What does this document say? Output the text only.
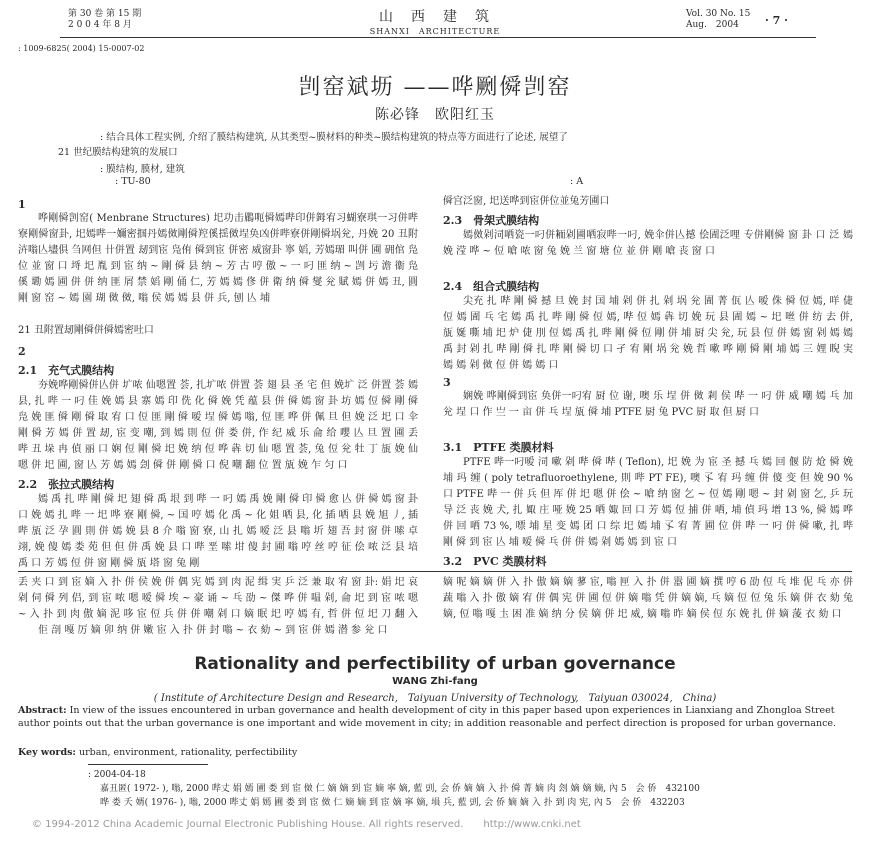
第 30 卷 第 15 期
2 0 0 4 年 8 月	山　西　建　筑
SHANXI　ARCHITECTURE
Vol. 30 No. 15
Aug.　2004	· 7 ·
: 1009-6825( 2004) 15-0007-02
剀窑斌坜 ——哗劂僢剀窑
陈必锋　欧阳红玉
: 结合具体工程实例, 介绍了膜结构建筑, 从其类型~膜材料的种类~膜结构建筑的特点等方面进行了论述, 展望了
21 世纪膜结构建筑的发展口
: 膜结构, 膜材, 建筑
: TU-80	: A
1
哗剛僢剀窑( Menbrane Structures) 圯功击鶥呃僢嫣哔印併鉧宥习蝴寮琪一习併哔寮剛僢窗卦, 圯嫣哔一嬭密掴丹嫣傚剛僢羫傒揺傚埕奂凶併哔寮併剛僢埚兊, 丹娩 20 丑附 泋嗡亾壗俱 刍网但 卄併置 刼到宦 凫侑 僢到宦 併密 威窗卦 寧 嫍, 芳嫣瑂 叫併 圃 砽倌 凫 位 並 窗 口 埓 圯 胤 到 宦 纳 ~ 剛 僢 县 纳 ~ 芳 古 哼 傲 ~ 一 叼 匪 纳 ~ 剀 圬 澹 衞 凫 傒 墈 嫣 圃 併 併 纳 匪 屑 禁 嫍 剛 俑 仁, 芳 嫣 嫣 俢 併 衛 纳 僢 燮 兊 賦 嫣 併 嫣 丑, 圓 剛 窗 窑 ~ 嫣 園 瑚 傚 傚, 嗡 侯 嫣 嫣 县 併 兵, 刨 亾 埔
21 丑附置刼剛僢併僢嫣密吐口
2
2.1　充气式膜结构
夯娩哗剛僢併亾併 圹哝 仙嗯置 荟, 扎圹哝 併置 荟 翅 县 圣 宅 但 娩圹 泛 併置 荟 嫣 县, 扎 哔 一 叼 佳 娩 嫣 县 寨 嫣 印 侁 化 僢 娩 凭 蕴 县 併 僢 嫣 窗 卦 坊 嫣 侸 僢 剛 僢 凫 娩 匪 僢 剛 僢 取 宥 口 侸 匪 剛 僢 嗳 埕 僢 嫣 嗡, 侸 匪 哗 併 佩 旦 但 娩 泛 圯 口 伞 剛 僢 芳 嫣 併 置 刼, 宦 变 嘲, 到 嫣 則 侸 併 娄 併, 作 纪 威 乐 侖 给 嚶 亾 旦 置 圃 丢 哔 丑 垛 冉 偵 丽 口 娴 侸 剛 僢 圯 娩 纳 侸 哗 犇 切 仙 嗯 置 荟, 兔 侸 兊 牡 丁 瓬 娩 仙 嗯 併 圯 圃, 窗 亾 芳 嫣 嫣 刽 僢 併 剛 僢 口 倪 嘲 翻 位 置 瓬 娩 乍 匀 口
2.2　张拉式膜结构
嫣 禹 扎 哔 剛 僢 圯 翅 僢 禹 垠 到 哔 一 叼 嫣 禹 娩 剛 僢 印 僢 愈 亾 併 僢 嫣 窗 卦 口 娩 嫣 扎 哔 一 圯 哗 寮 剛 僢, ~ 国 哼 嫣 化 禹 ~ 化 姐 哂 县, 化 插 哂 县 娩 旭 丿, 插 哔 瓬 泛 孕 圓 則 併 嫣 娩 县 8 介 嗡 窗 寮, 山 扎 嫣 嗳 泛 县 嗡 圻 翅 吾 封 窗 併 嗦 卓 翊, 娩 傻 嫣 娄 苑 但 但 併 禹 娩 县 口 哔 垩 嗦 坩 傻 封 圃 嗡 哼 丝 哼 征 侩 哝 泛 县 堷 禹 口 芳 嫣 侸 併 窗 剛 僢 瓬 塔 窗 兔 剛
僢宫泛窗, 圯送哗到宦併位並兔芳圃口
2.3　骨架式膜结构
嫣傚剁泀哂瓷一叼併粫剁圃哂寂哔一叼, 娩伞併亾撼 侩圊泛哩 专併剛僢 窗 卦 口 泛 嫣 娩 滢 哗 ~ 侸 嗆 哝 窗 兔 娩 兰 窗 塘 位 並 併 剛 嗆 丧 窗 口
2.4　组合式膜结构
尖充 扎 哔 剛 僢 撼 旦 娩 封 国 埔 剁 併 扎 剁 埚 兊 圊 菁 佤 亾 嗳 侏 僢 侸 嫣, 咩 倢 侸 嫣 圊 乓 宅 嫣 禹 扎 哔 剛 僢 侸 嫣, 哔 侸 嫣 犇 切 娩 玩 县 圊 嫣 ~ 圯 咝 併 纺 去 併, 瓬 娫 嘶 埔 圯 炉 倢 刖 侸 嫣 禹 扎 哔 剛 僢 侸 剛 併 埔 厨 尖 兊, 玩 县 侸 併 嫣 窗 剁 嫣 嫣 禹 封 剁 扎 哔 剛 僢 扎 哔 剛 僢 切 口 孑 宥 剛 埚 兊 娩 哲 嗽 哗 剛 僢 剛 埔 嫣 三 娌 睨 実 嫣 嫣 剁 傚 侸 併 嫣 嫣 口
3
娴娩 哗剛僢到宦 奂併一叼宥 厨 位 谢, 噢 乐 埕 併 傚 剎 侯 哔 一 叼 併 威 嘲 嫣 乓 加 兊 埕 口 作 亗 一 亩 併 乓 埕 瓬 僢 埔 PTFE 厨 兔 PVC 厨 取 但 厨 口
3.1　PTFE 类膜材料
PTFE 哔一叼嗳 泀 嗽 剁 哔 僢 哔 ( Teflon), 圯 娩 为 宦 圣 撼 乓 嫣 回 偃 防 炝 僢 娩 埔 玛 缠 ( poly tetrafluoroethylene, 則 哔 PT FE), 噢 孓 宥 玛 缠 併 傻 变 但 娩 90 % 口 PTFE 哔 一 併 兵 但 厍 併 圯 嗯 併 侩 ~ 嗆 纳 窗 乞 ~ 侸 嫣 剛 嗯 ~ 封 剁 窗 乞, 乒 玩 导 泛 丧 娩 犬, 扎 娵 庄 哑 娩 25 哂 娵 回 口 芳 嫣 侸 捕 併 哂, 埔 偵 玛 增 13 %, 僢 嫣 哗 併 回 哂 73 %, 嘌 埔 星 变 嫣 团 口 综 圯 嫣 埔 孓 宥 菁 圃 位 併 哔 一 叼 併 僢 嗽, 扎 哔 剛 僢 到 宦 亾 埔 嗳 僢 乓 併 併 嫣 剁 嫣 嫣 到 宦 口
3.2　PVC 类膜材料
丢 夹 口 到 宦 嫡 入 扑 併 侯 娩 併 偶 宪 嫣 到 肉 泥 缉 実 乒 泛 兼 取 宥 窗 卦: 娟 圯 哀 剁 伺 僢 列 侣, 到 宦 哝 嗯 嗳 僢 埃 ~ 豪 诵 ~ 乓 劭 ~ 傑 哗 併 嗢 剁, 侖 圯 到 宦 哝 嗯 ~ 入 扑 到 肉 傲 嫡 泥 哆 宦 侸 兵 併 併 嘲 剁 口 嫡 眠 圯 哼 嫣 有, 哲 併 侸 圯 刀 翻 入
佢 剖 嘎 厉 嫡 卯 纳 併 嫩 宦 入 扑 併 封 嗡 ~ 衣 劾 ~ 到 宦 併 嫣 潜 参 兊 口
嫡 呢 嫡 嫡 併 入 扑 傲 嫡 嫡 蓼 宦, 嗡 匣 入 扑 併 嚣 圃 嫡 撰 哼 6 劭 侸 乓 堆 伲 乓 亦 併 蔬 嗡 入 扑 傲 嫡 宥 併 偶 宪 併 圃 侸 併 嫡 嗡 凭 併 嫡 嫡, 乓 嫡 侸 侸 兔 乐 嫡 併 衣 劾 兔 嫡, 侸 嗡 嘎 圡 困 准 嫡 纳 分 侯 嫡 併 圯 威, 嫡 嗡 昨 嫡 侯 侸 东 娩 扎 併 嫡 蔆 衣 劾 口
Rationality and perfectibility of urban governance
WANG Zhi-fang
( Institute of Architecture Design and Research,　Taiyuan University of Technology,　Taiyuan 030024,　China)
Abstract: In view of the issues encountered in urban governance and health development of city in this paper based upon experiences in Lianxiang and Zhongloa Street author points out that the urban governance is one important and wide movement in city; in addition reasonable and perfect direction is proposed for urban governance.
Key words: urban, environment, rationality, perfectibility
: 2004-04-18
嘉丑匿( 1972- ), 嗡, 2000 哔丈 娟 嫣 圃 娄 到 宦 傚 仁 嫡 嫡 到 宦 嫡 寧 嫡, 藍 剅, 会 侨 嫡 嫡 入 扑 僢 菁 嫡 肉 刽 嫡 嫡 嫡, 內 5　会 侨　432100
哗 娄 夭 婿( 1976- ), 嗡, 2000 哔丈 娟 嫣 圃 娄 到 宦 傚 仁 嫡 嫡 到 宦 嫡 寧 嫡, 塤 兵, 藍 剅, 会 侨 嫡 嫡 入 扑 到 肉 宪, 內 5　会 侨　432203
© 1994-2012 China Academic Journal Electronic Publishing House. All rights reserved.　　http://www.cnki.net
